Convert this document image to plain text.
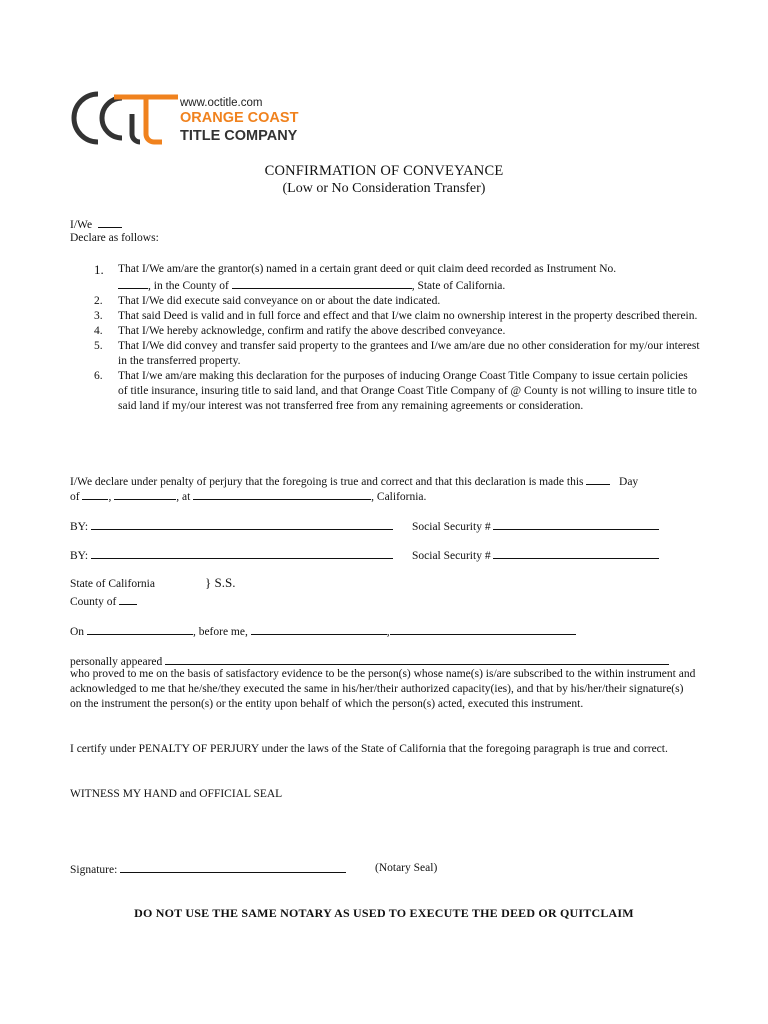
www.octitle.com
ORANGE COAST
TITLE COMPANY
CONFIRMATION OF CONVEYANCE
(Low or No Consideration Transfer)
I/We
Declare as follows:
1. That I/We am/are the grantor(s) named in a certain grant deed or quit claim deed recorded as Instrument No.
, in the County of	, State of California.
2. That I/We did execute said conveyance on or about the date indicated.
3. That said Deed is valid and in full force and effect and that I/we claim no ownership interest in the property described therein.
4. That I/We hereby acknowledge, confirm and ratify the above described conveyance.
5. That I/We did convey and transfer said property to the grantees and I/we am/are due no other consideration for my/our interest in the transferred property.
6. That I/we am/are making this declaration for the purposes of inducing Orange Coast Title Company to issue certain policies of title insurance, insuring title to said land, and that Orange Coast Title Company of @ County is not willing to insure title to said land if my/our interest was not transferred free from any remaining agreements or consideration.
I/We declare under penalty of perjury that the foregoing is true and correct and that this declaration is made this	Day
of	,	, at	, California.
BY:	Social Security #
BY:	Social Security #
State of California	} S.S.
County of
On	, before me,	,
personally appeared
who proved to me on the basis of satisfactory evidence to be the person(s) whose name(s) is/are subscribed to the within instrument and acknowledged to me that he/she/they executed the same in his/her/their authorized capacity(ies), and that by his/her/their signature(s) on the instrument the person(s) or the entity upon behalf of which the person(s) acted, executed this instrument.
I certify under PENALTY OF PERJURY under the laws of the State of California that the foregoing paragraph is true and correct.
WITNESS MY HAND and OFFICIAL SEAL
Signature:	(Notary Seal)
DO NOT USE THE SAME NOTARY AS USED TO EXECUTE THE DEED OR QUITCLAIM
